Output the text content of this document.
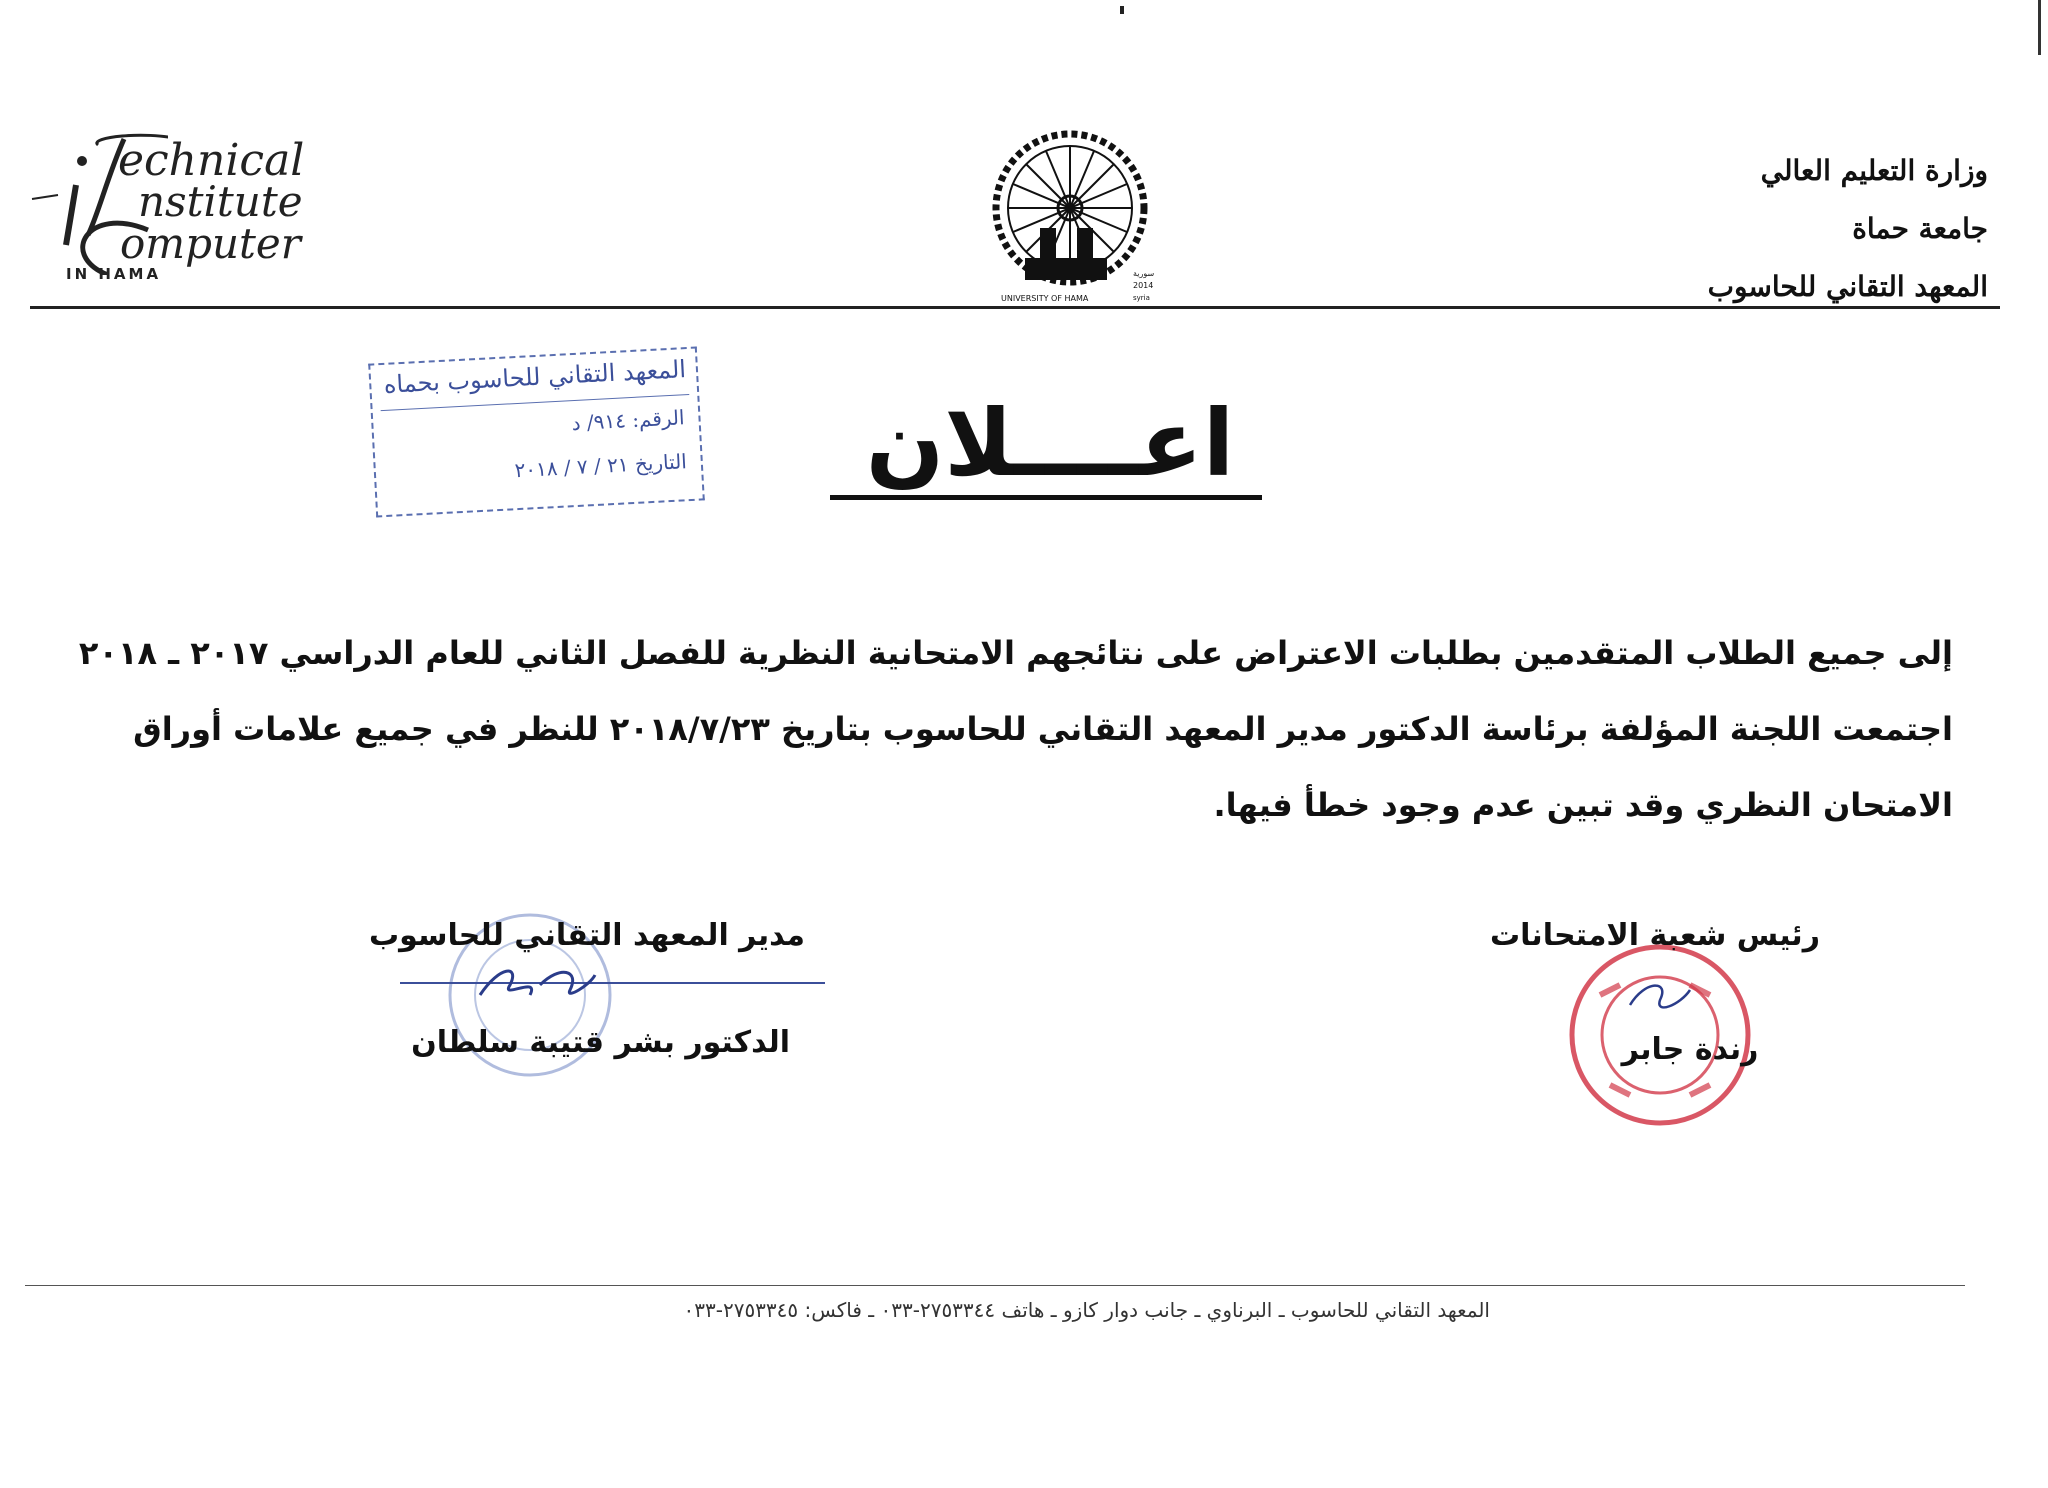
echnical
nstitute
omputer
IN HAMA	سورية
2014
syria
UNIVERSITY OF HAMA
وزارة التعليم العالي
جامعة حماة
المعهد التقاني للحاسوب
المعهد التقاني للحاسوب بحماه
الرقم: ٩١٤/ د
التاريخ ٢١ / ٧ / ٢٠١٨	اعــــلان

إلى جميع الطلاب المتقدمين بطلبات الاعتراض على نتائجهم الامتحانية النظرية للفصل الثاني للعام الدراسي ٢٠١٧ ـ ٢٠١٨

اجتمعت اللجنة المؤلفة برئاسة الدكتور مدير المعهد التقاني للحاسوب بتاريخ ٢٠١٨/٧/٢٣ للنظر في جميع علامات أوراق

الامتحان النظري وقد تبين عدم وجود خطأ فيها.

مدير المعهد التقاني للحاسوب
الدكتور بشر قتيبة سلطان
رئيس شعبة الامتحانات
رندة جابر
المعهد التقاني للحاسوب ـ البرناوي ـ جانب دوار كازو ـ هاتف ٢٧٥٣٣٤٤-٠٣٣ ـ فاكس: ٢٧٥٣٣٤٥-٠٣٣
